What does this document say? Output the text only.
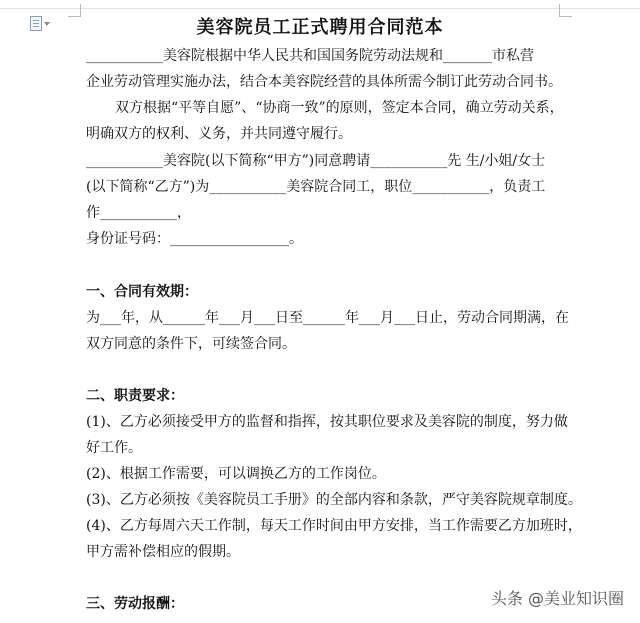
美容院员工正式聘用合同范本
___________美容院根据中华人民共和国国务院劳动法规和_______市私营
企业劳动管理实施办法，结合本美容院经营的具体所需今制订此劳动合同书。
双方根据“平等自愿”、“协商一致”的原则，签定本合同，确立劳动关系，
明确双方的权利、义务，并共同遵守履行。
___________美容院(以下简称“甲方”)同意聘请___________先 生/小姐/女士
(以下简称“乙方”)为___________美容院合同工，职位___________，负责工
作___________，
身份证号码：_________________。
一、合同有效期：
为___年，从______年___月___日至______年___月___日止，劳动合同期满，在
双方同意的条件下，可续签合同。
二、职责要求：
(1)、乙方必须接受甲方的监督和指挥，按其职位要求及美容院的制度，努力做
好工作。
(2)、根据工作需要，可以调换乙方的工作岗位。
(3)、乙方必须按《美容院员工手册》的全部内容和条款，严守美容院规章制度。
(4)、乙方每周六天工作制，每天工作时间由甲方安排，当工作需要乙方加班时，
甲方需补偿相应的假期。
三、劳动报酬：	头条 @美业知识圈
